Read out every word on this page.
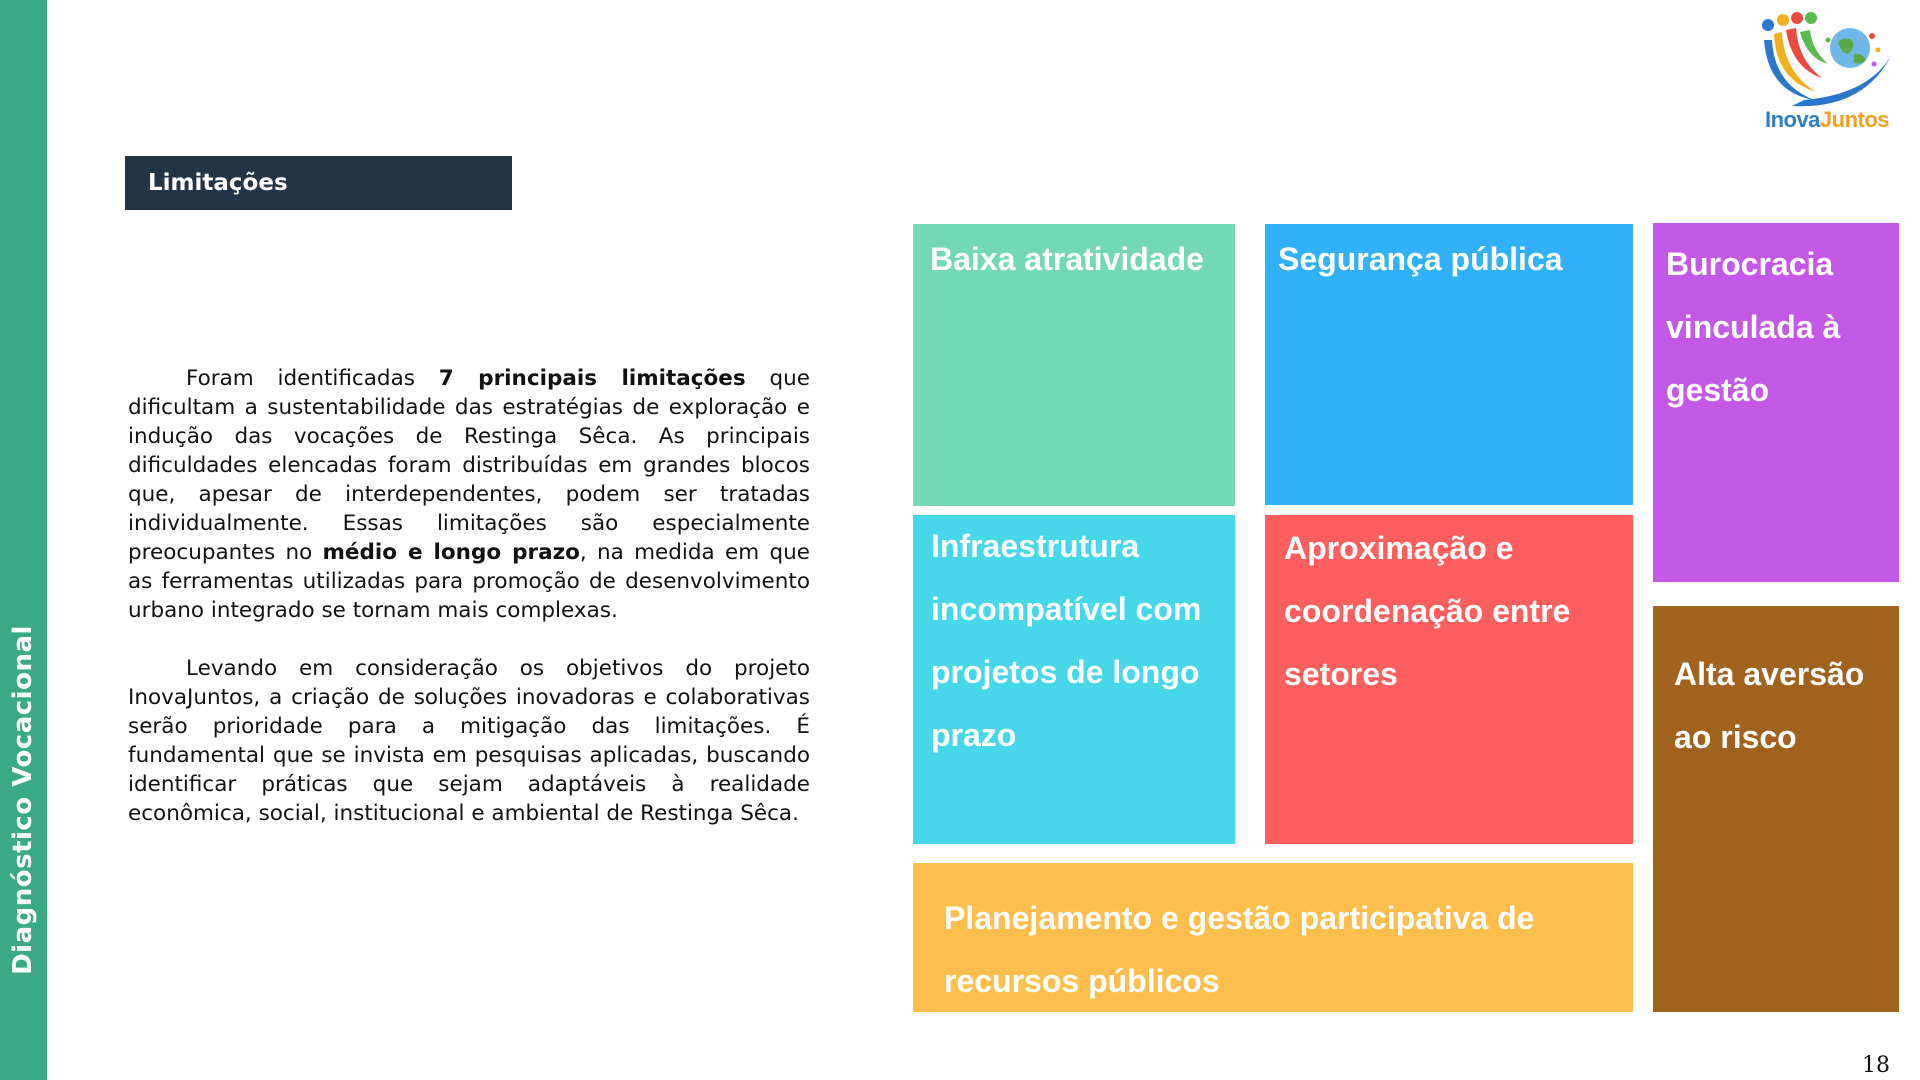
Diagnóstico Vocacional
InovaJuntos
Limitações

Foram identificadas 7 principais limitações que dificultam a sustentabilidade das estratégias de exploração e indução das vocações de Restinga Sêca. As principais dificuldades elencadas foram distribuídas em grandes blocos que, apesar de interdependentes, podem ser tratadas individualmente. Essas limitações são especialmente preocupantes no médio e longo prazo, na medida em que as ferramentas utilizadas para promoção de desenvolvimento urbano integrado se tornam mais complexas.

Levando em consideração os objetivos do projeto InovaJuntos, a criação de soluções inovadoras e colaborativas serão prioridade para a mitigação das limitações. É fundamental que se invista em pesquisas aplicadas, buscando identificar práticas que sejam adaptáveis à realidade econômica, social, institucional e ambiental de Restinga Sêca.

Baixa atratividade	Segurança pública	Burocracia vinculada à gestão
Infraestrutura incompatível com projetos de longo prazo
Aproximação e coordenação entre setores	Alta aversão ao risco
Planejamento e gestão participativa de recursos públicos
18
